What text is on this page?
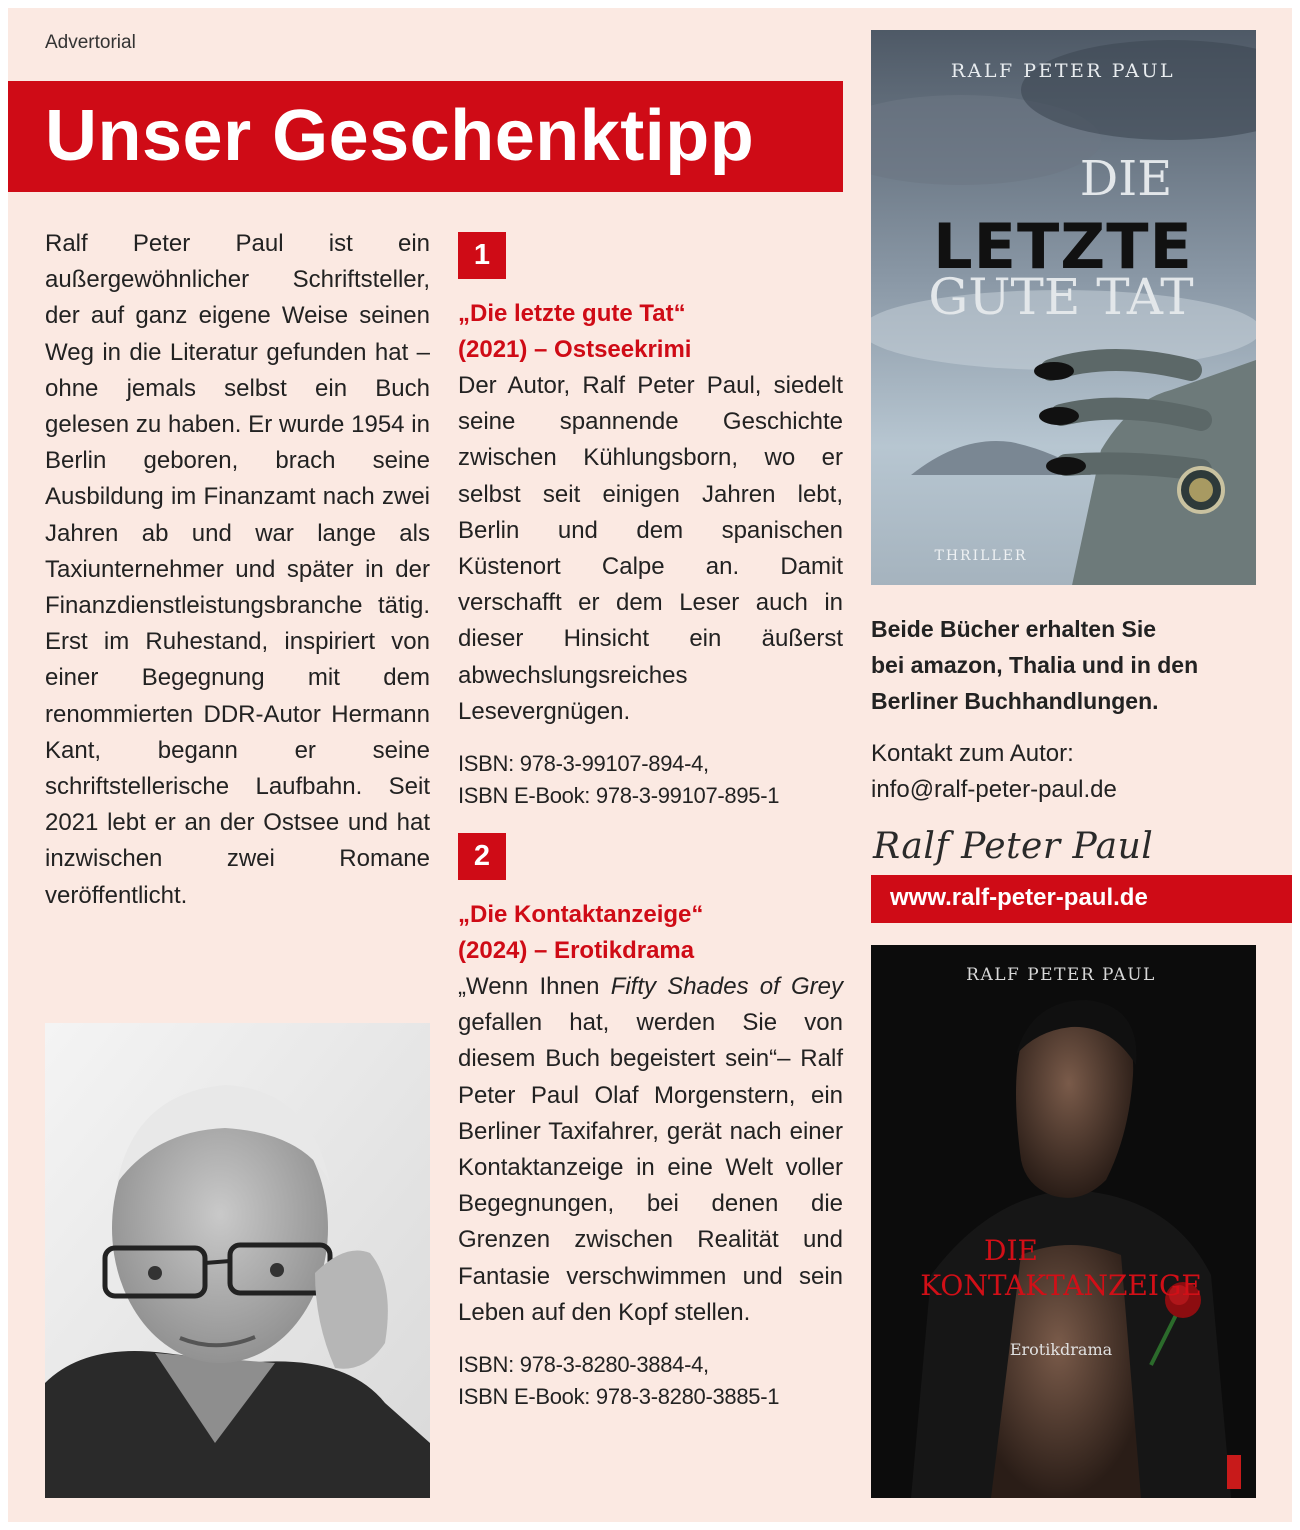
Advertorial
Unser Geschenktipp

Ralf Peter Paul ist ein außergewöhnlicher Schriftsteller, der auf ganz eigene Weise seinen Weg in die Literatur gefunden hat – ohne jemals selbst ein Buch gelesen zu haben. Er wurde 1954 in Berlin geboren, brach seine Ausbildung im Finanzamt nach zwei Jahren ab und war lange als Taxiunternehmer und später in der Finanzdienstleistungsbranche tätig. Erst im Ruhestand, inspiriert von einer Begegnung mit dem renommierten DDR-Autor Hermann Kant, begann er seine schriftstellerische Laufbahn. Seit 2021 lebt er an der Ostsee und hat inzwischen zwei Romane veröffentlicht.

1
„Die letzte gute Tat“
(2021) – Ostseekrimi

Der Autor, Ralf Peter Paul, siedelt seine spannende Geschichte zwischen Kühlungsborn, wo er selbst seit einigen Jahren lebt, Berlin und dem spanischen Küstenort Calpe an. Damit verschafft er dem Leser auch in dieser Hinsicht ein äußerst abwechslungsreiches Lesevergnügen.

ISBN: 978-3-99107-894-4,
ISBN E-Book: 978-3-99107-895-1
2
„Die Kontaktanzeige“
(2024) – Erotikdrama

„Wenn Ihnen Fifty Shades of Grey gefallen hat, werden Sie von diesem Buch begeistert sein“– Ralf Peter Paul Olaf Morgenstern, ein Berliner Taxifahrer, gerät nach einer Kontaktanzeige in eine Welt voller Begegnungen, bei denen die Grenzen zwischen Realität und Fantasie verschwimmen und sein Leben auf den Kopf stellen.

ISBN: 978-3-8280-3884-4,
ISBN E-Book: 978-3-8280-3885-1
RALF PETER PAUL
DIE
LETZTE
GUTE TAT
THRILLER
Beide Bücher erhalten Sie
bei amazon, Thalia und in den
Berliner Buchhandlungen.
Kontakt zum Autor:
info@ralf-peter-paul.de
Ralf Peter Paul
www.ralf-peter-paul.de
RALF PETER PAUL
DIE
KONTAKTANZEIGE
Erotikdrama
